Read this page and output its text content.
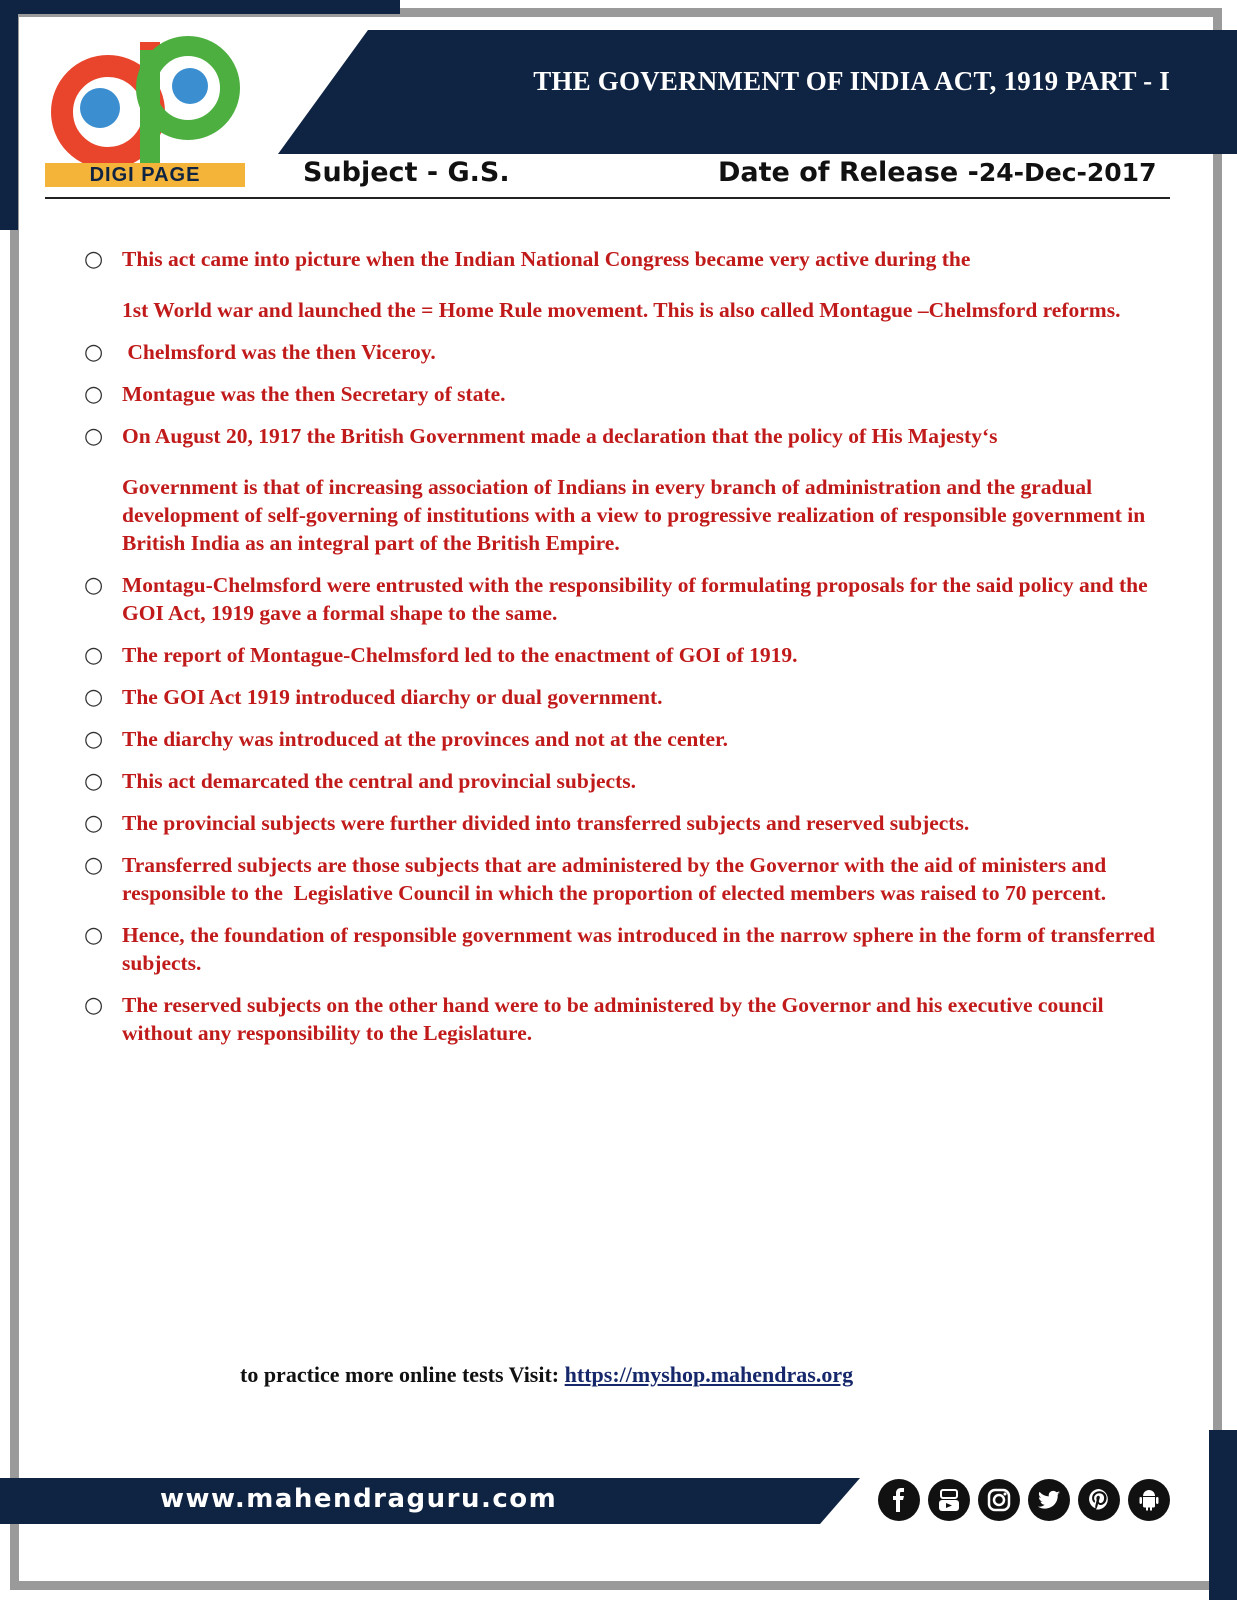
THE GOVERNMENT OF INDIA ACT, 1919 PART - I
DIGI PAGE	Subject - G.S.	Date of Release -24-Dec-2017
○ This act came into picture when the Indian National Congress became very active during the

1st World war and launched the = Home Rule movement. This is also called Montague –Chelmsford reforms.

○ Chelmsford was the then Viceroy.

○ Montague was the then Secretary of state.

○ On August 20, 1917 the British Government made a declaration that the policy of His Majesty‘s

Government is that of increasing association of Indians in every branch of administration and the gradual development of self-governing of institutions with a view to progressive realization of responsible government in British India as an integral part of the British Empire.

○ Montagu-Chelmsford were entrusted with the responsibility of formulating proposals for the said policy and the GOI Act, 1919 gave a formal shape to the same.

○ The report of Montague-Chelmsford led to the enactment of GOI of 1919.

○ The GOI Act 1919 introduced diarchy or dual government.

○ The diarchy was introduced at the provinces and not at the center.

○ This act demarcated the central and provincial subjects.

○ The provincial subjects were further divided into transferred subjects and reserved subjects.

○ Transferred subjects are those subjects that are administered by the Governor with the aid of ministers and responsible to the  Legislative Council in which the proportion of elected members was raised to 70 percent.

○ Hence, the foundation of responsible government was introduced in the narrow sphere in the form of transferred subjects.

○ The reserved subjects on the other hand were to be administered by the Governor and his executive council without any responsibility to the Legislature.

to practice more online tests Visit: https://myshop.mahendras.org
www.mahendraguru.com
